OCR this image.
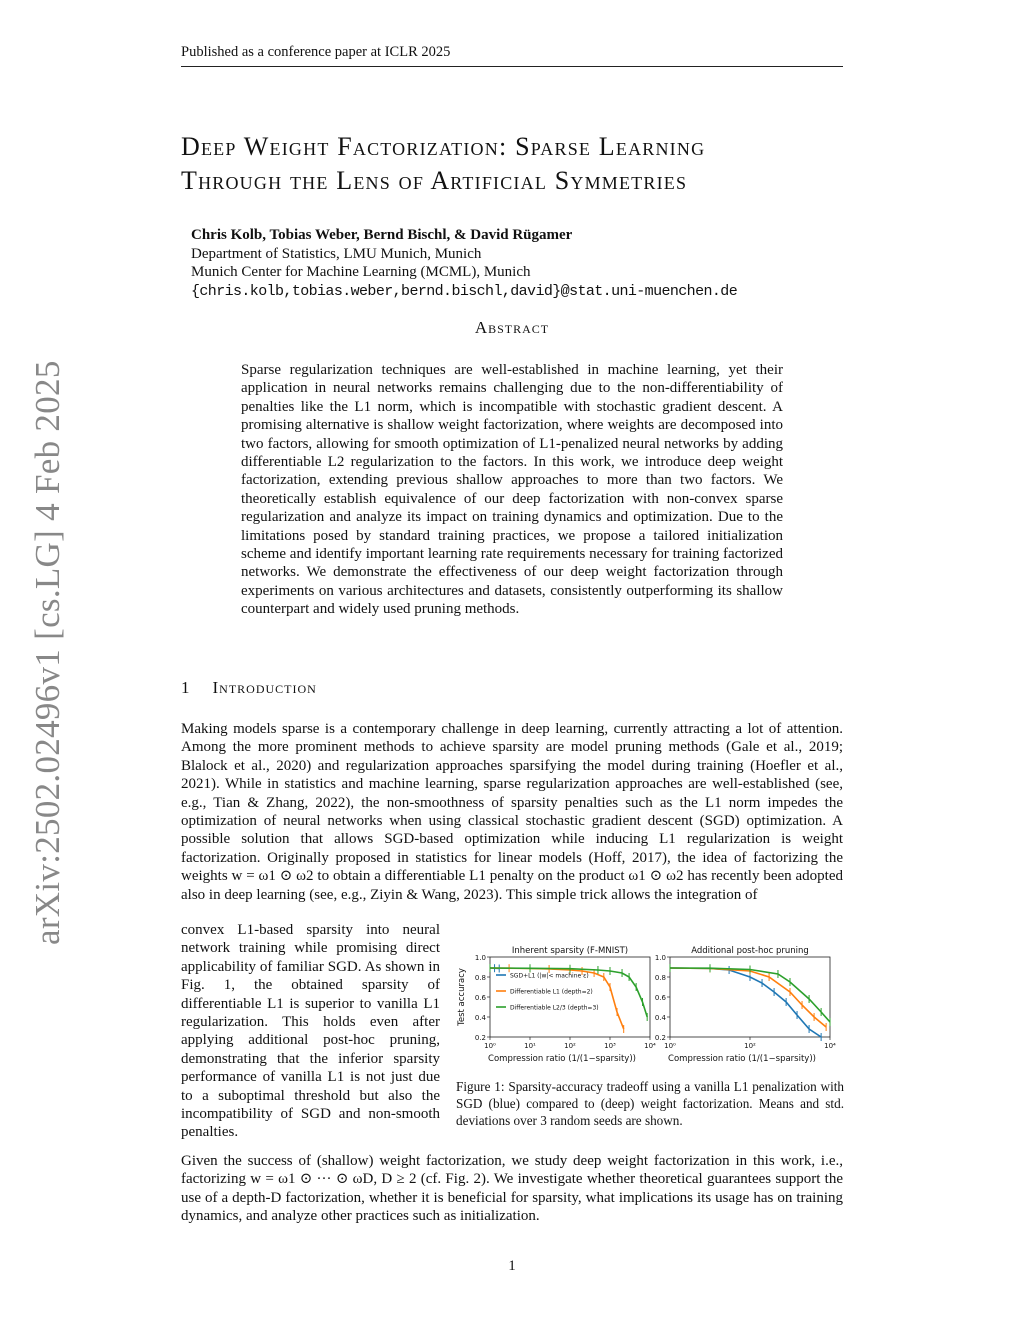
Published as a conference paper at ICLR 2025
arXiv:2502.02496v1 [cs.LG] 4 Feb 2025
Deep Weight Factorization: Sparse Learning
Through the Lens of Artificial Symmetries
Chris Kolb, Tobias Weber, Bernd Bischl, & David Rügamer
Department of Statistics, LMU Munich, Munich
Munich Center for Machine Learning (MCML), Munich
{chris.kolb,tobias.weber,bernd.bischl,david}@stat.uni-muenchen.de
Abstract
Sparse regularization techniques are well-established in machine learning, yet their application in neural networks remains challenging due to the non-differentiability of penalties like the L1 norm, which is incompatible with stochastic gradient descent. A promising alternative is shallow weight factorization, where weights are decomposed into two factors, allowing for smooth optimization of L1-penalized neural networks by adding differentiable L2 regularization to the factors. In this work, we introduce deep weight factorization, extending previous shallow approaches to more than two factors. We theoretically establish equivalence of our deep factorization with non-convex sparse regularization and analyze its impact on training dynamics and optimization. Due to the limitations posed by standard training practices, we propose a tailored initialization scheme and identify important learning rate requirements necessary for training factorized networks. We demonstrate the effectiveness of our deep weight factorization through experiments on various architectures and datasets, consistently outperforming its shallow counterpart and widely used pruning methods.
1 Introduction
Making models sparse is a contemporary challenge in deep learning, currently attracting a lot of attention. Among the more prominent methods to achieve sparsity are model pruning methods (Gale et al., 2019; Blalock et al., 2020) and regularization approaches sparsifying the model during training (Hoefler et al., 2021). While in statistics and machine learning, sparse regularization approaches are well-established (see, e.g., Tian & Zhang, 2022), the non-smoothness of sparsity penalties such as the L1 norm impedes the optimization of neural networks when using classical stochastic gradient descent (SGD) optimization. A possible solution that allows SGD-based optimization while inducing L1 regularization is weight factorization. Originally proposed in statistics for linear models (Hoff, 2017), the idea of factorizing the weights w = ω1 ⊙ ω2 to obtain a differentiable L1 penalty on the product ω1 ⊙ ω2 has recently been adopted also in deep learning (see, e.g., Ziyin & Wang, 2023). This simple trick allows the integration of
convex L1-based sparsity into neural network training while promising direct applicability of familiar SGD. As shown in Fig. 1, the obtained sparsity of differentiable L1 is superior to vanilla L1 regularization. This holds even after applying additional post-hoc pruning, demonstrating that the inferior sparsity performance of vanilla L1 is not just due to a suboptimal threshold but also the incompatibility of SGD and non-smooth penalties.
Inherent sparsity (F-MNIST)
0.2
0.4
0.6
0.8
1.0
10⁰	10¹	10²	10³	10⁴
Compression ratio (1/(1−sparsity))
Test accuracy	SGD+L1 (|w|< machine ε)
Differentiable L1 (depth=2)
Differentiable L2/3 (depth=3)
Additional post-hoc pruning
0.2
0.4
0.6
0.8
1.0
10⁰	10²	10⁴
Compression ratio (1/(1−sparsity))
Figure 1: Sparsity-accuracy tradeoff using a vanilla L1 penalization with SGD (blue) compared to (deep) weight factorization. Means and std. deviations over 3 random seeds are shown.
Given the success of (shallow) weight factorization, we study deep weight factorization in this work, i.e., factorizing w = ω1 ⊙ ··· ⊙ ωD, D ≥ 2 (cf. Fig. 2). We investigate whether theoretical guarantees support the use of a depth-D factorization, whether it is beneficial for sparsity, what implications its usage has on training dynamics, and analyze other practices such as initialization.
1
